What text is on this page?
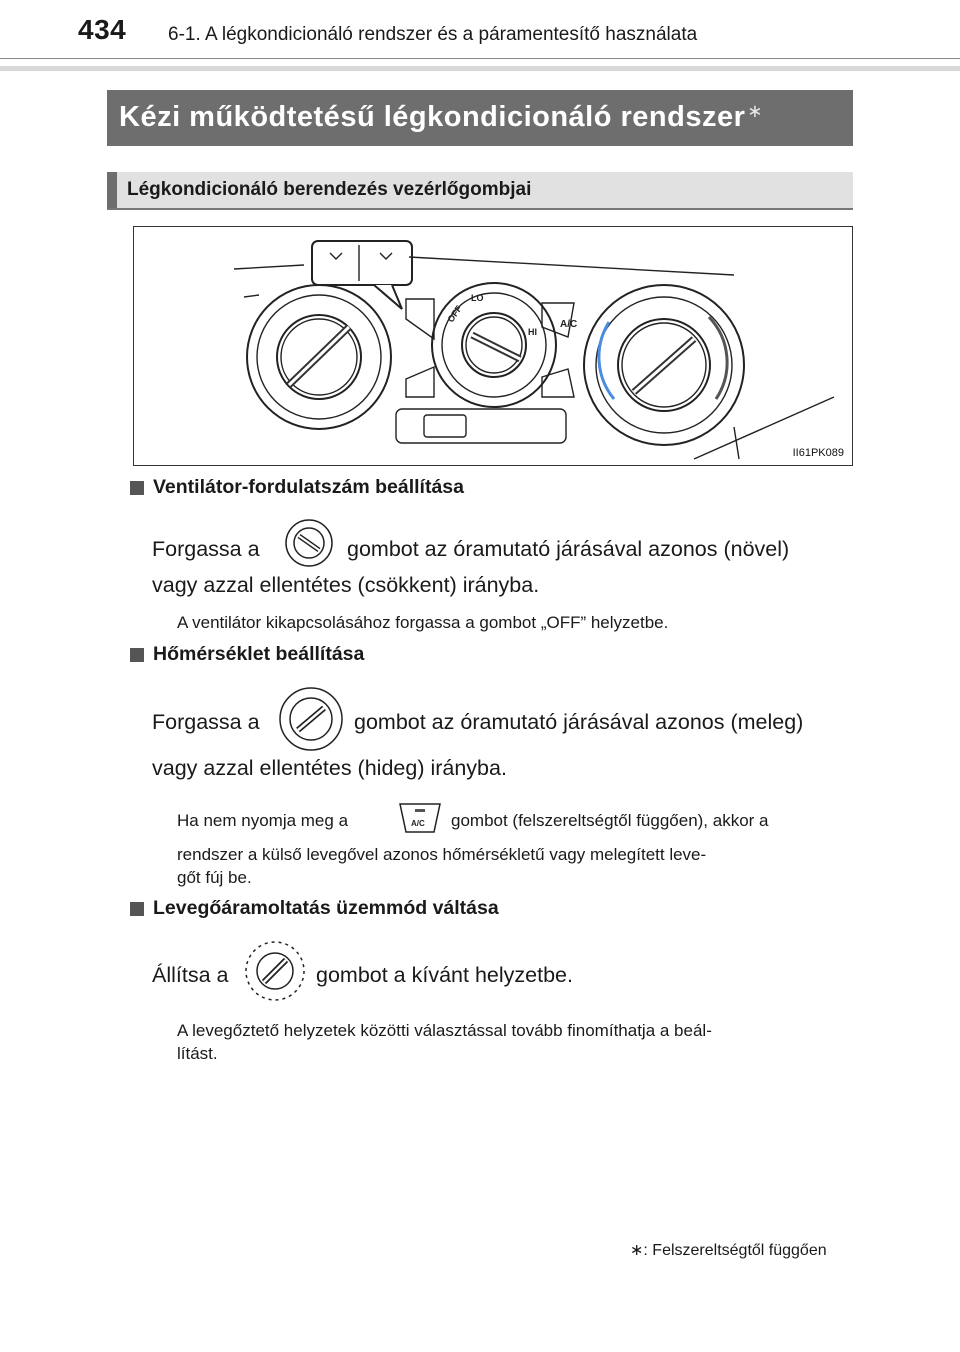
434 6-1. A légkondicionáló rendszer és a páramentesítő használata
Kézi működtetésű légkondicionáló rendszer ∗
Légkondicionáló berendezés vezérlőgombjai
OFF
LO
HI
A/C
II61PK089
Ventilátor-fordulatszám beállítása
Forgassa a	gombot az óramutató járásával azonos (növel)
vagy azzal ellentétes (csökkent) irányba.
A ventilátor kikapcsolásához forgassa a gombot „OFF” helyzetbe.
Hőmérséklet beállítása
Forgassa a	gombot az óramutató járásával azonos (meleg)
vagy azzal ellentétes (hideg) irányba.
Ha nem nyomja meg a	A/C gombot (felszereltségtől függően), akkor a
rendszer a külső levegővel azonos hőmérsékletű vagy melegített leve-
gőt fúj be.
Levegőáramoltatás üzemmód váltása
Állítsa a	gombot a kívánt helyzetbe.
A levegőztető helyzetek közötti választással tovább finomíthatja a beál-
lítást.
∗: Felszereltségtől függően
